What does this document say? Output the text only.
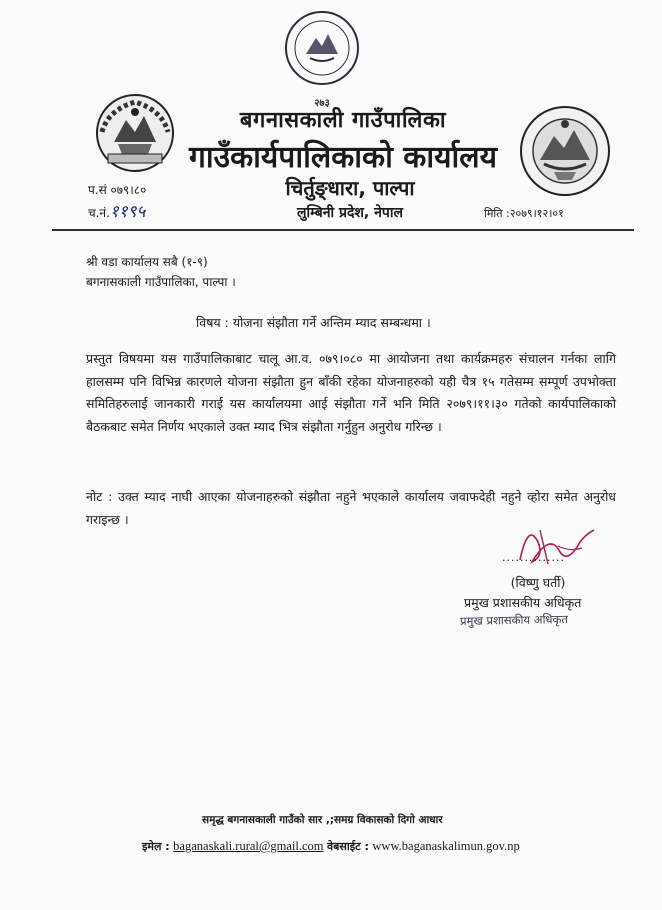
२७३
बगनासकाली गाउँपालिका
गाउँकार्यपालिकाको कार्यालय
चिर्तुङ्धारा, पाल्पा
लुम्बिनी प्रदेश, नेपाल
प.सं ०७९।८०
च.नं.११९५	मिति :२०७९।१२।०१
श्री वडा कार्यालय सबै (१-९)
बगनासकाली गाउँपालिका, पाल्पा ।
विषय : योजना संझौता गर्ने अन्तिम म्याद सम्बन्धमा ।
प्रस्तुत विषयमा यस गाउँपालिकाबाट चालू आ.व. ०७९।०८० मा आयोजना तथा कार्यक्रमहरु संचालन गर्नका लागि हालसम्म पनि विभिन्न कारणले योजना संझौता हुन बाँकी रहेका योजनाहरुको यही चैत्र १५ गतेसम्म सम्पूर्ण उपभोक्ता समितिहरुलाई जानकारी गराई यस कार्यालयमा आई संझौता गर्ने भनि मिति २०७९।११।३० गतेको कार्यपालिकाको बैठकबाट समेत निर्णय भएकाले उक्त म्याद भित्र संझौता गर्नुहुन अनुरोध गरिन्छ ।
नोट : उक्त म्याद नाघी आएका योजनाहरुको संझौता नहुने भएकाले कार्यालय जवाफदेही नहुने व्होरा समेत अनुरोध गराइन्छ ।
..............
(विष्णु घर्ती)
प्रमुख प्रशासकीय अधिकृत
प्रमुख प्रशासकीय अधिकृत
समृद्ध बगनासकाली गाउँको सार ,;समग्र विकासको दिगो आधार
इमेल : baganaskali.rural@gmail.com वेबसाईट : www.baganaskalimun.gov.np
